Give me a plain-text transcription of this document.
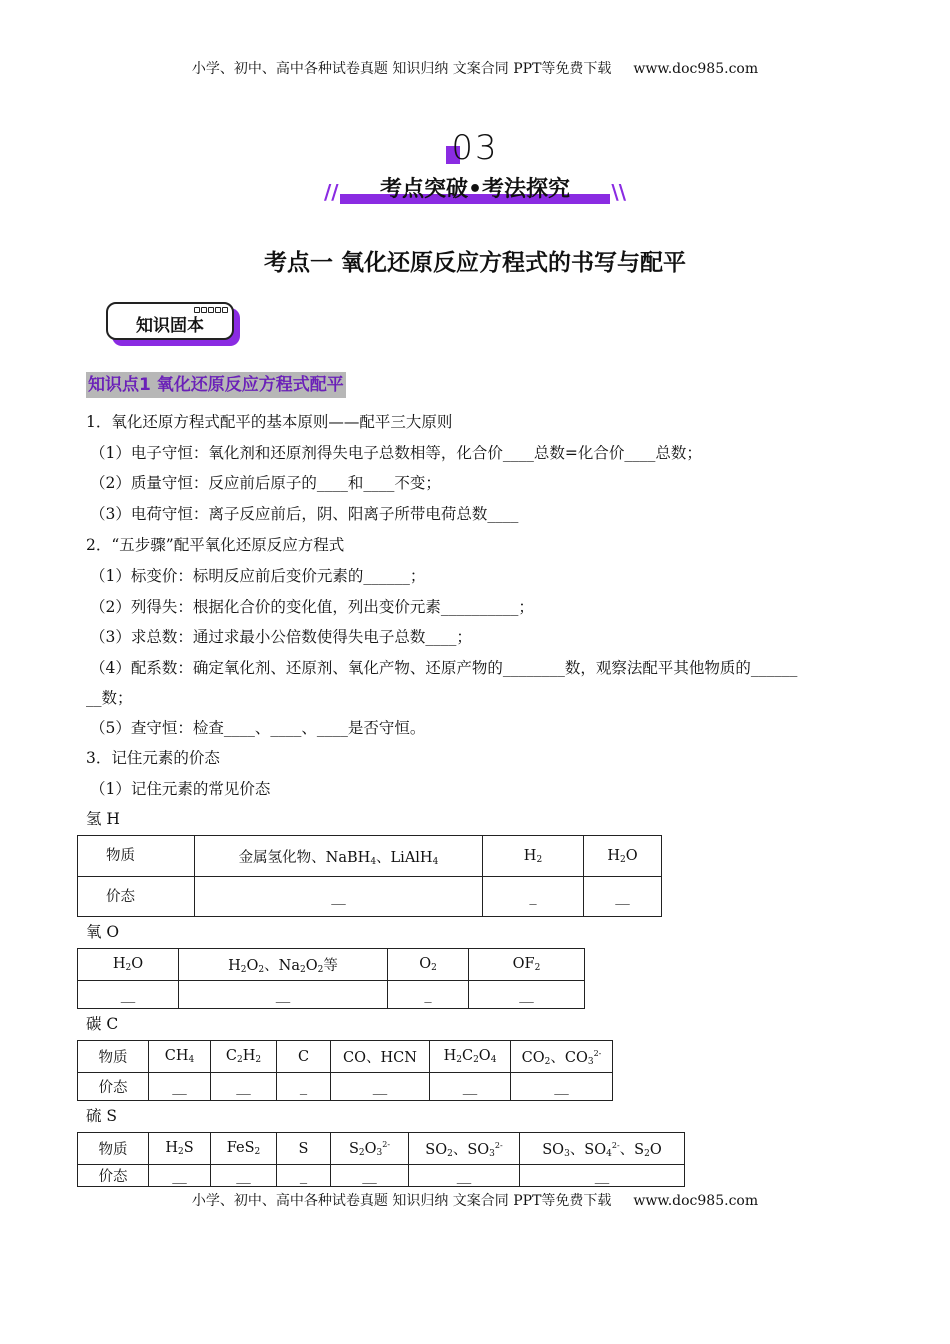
小学、初中、高中各种试卷真题 知识归纳 文案合同 PPT等免费下载 www.doc985.com
03
//	考点突破•考法探究	\\
考点一 氧化还原反应方程式的书写与配平
知识固本
知识点1 氧化还原反应方程式配平
1．氧化还原方程式配平的基本原则——配平三大原则
（1）电子守恒：氧化剂和还原剂得失电子总数相等，化合价____总数=化合价____总数；
（2）质量守恒：反应前后原子的____和____不变；
（3）电荷守恒：离子反应前后，阴、阳离子所带电荷总数____
2．“五步骤”配平氧化还原反应方程式
（1）标变价：标明反应前后变价元素的______；
（2）列得失：根据化合价的变化值，列出变价元素__________；
（3）求总数：通过求最小公倍数使得失电子总数____；
（4）配系数：确定氧化剂、还原剂、氧化产物、还原产物的________数，观察法配平其他物质的______
__数；
（5）查守恒：检查____、____、____是否守恒。
3．记住元素的价态
（1）记住元素的常见价态
氢 H
物质	金属氢化物、NaBH$_4$、LiAlH$_4$	$H_2$	$H_2O$
价态	__	_	__
氧 O
$H_2O$	$H_2O_2$、$Na_2O_2$等	$O_2$	$OF_2$
__	__	_	__
碳 C
物质	$CH_4$	$C_2H_2$	C	CO、HCN	$H_2C_2O_4$	$CO_2$、$CO_3^{2-}$
价态	__	__	_	__	__	__
硫 S
物质	$H_2S$	FeS$_2$	S	$S_2O_3^{2-}$	$SO_2$、$SO_3^{2-}$	$SO_3$、$SO_4^{2-}$、$S_2O$
价态	__	__	_	__	__	__
小学、初中、高中各种试卷真题 知识归纳 文案合同 PPT等免费下载 www.doc985.com
